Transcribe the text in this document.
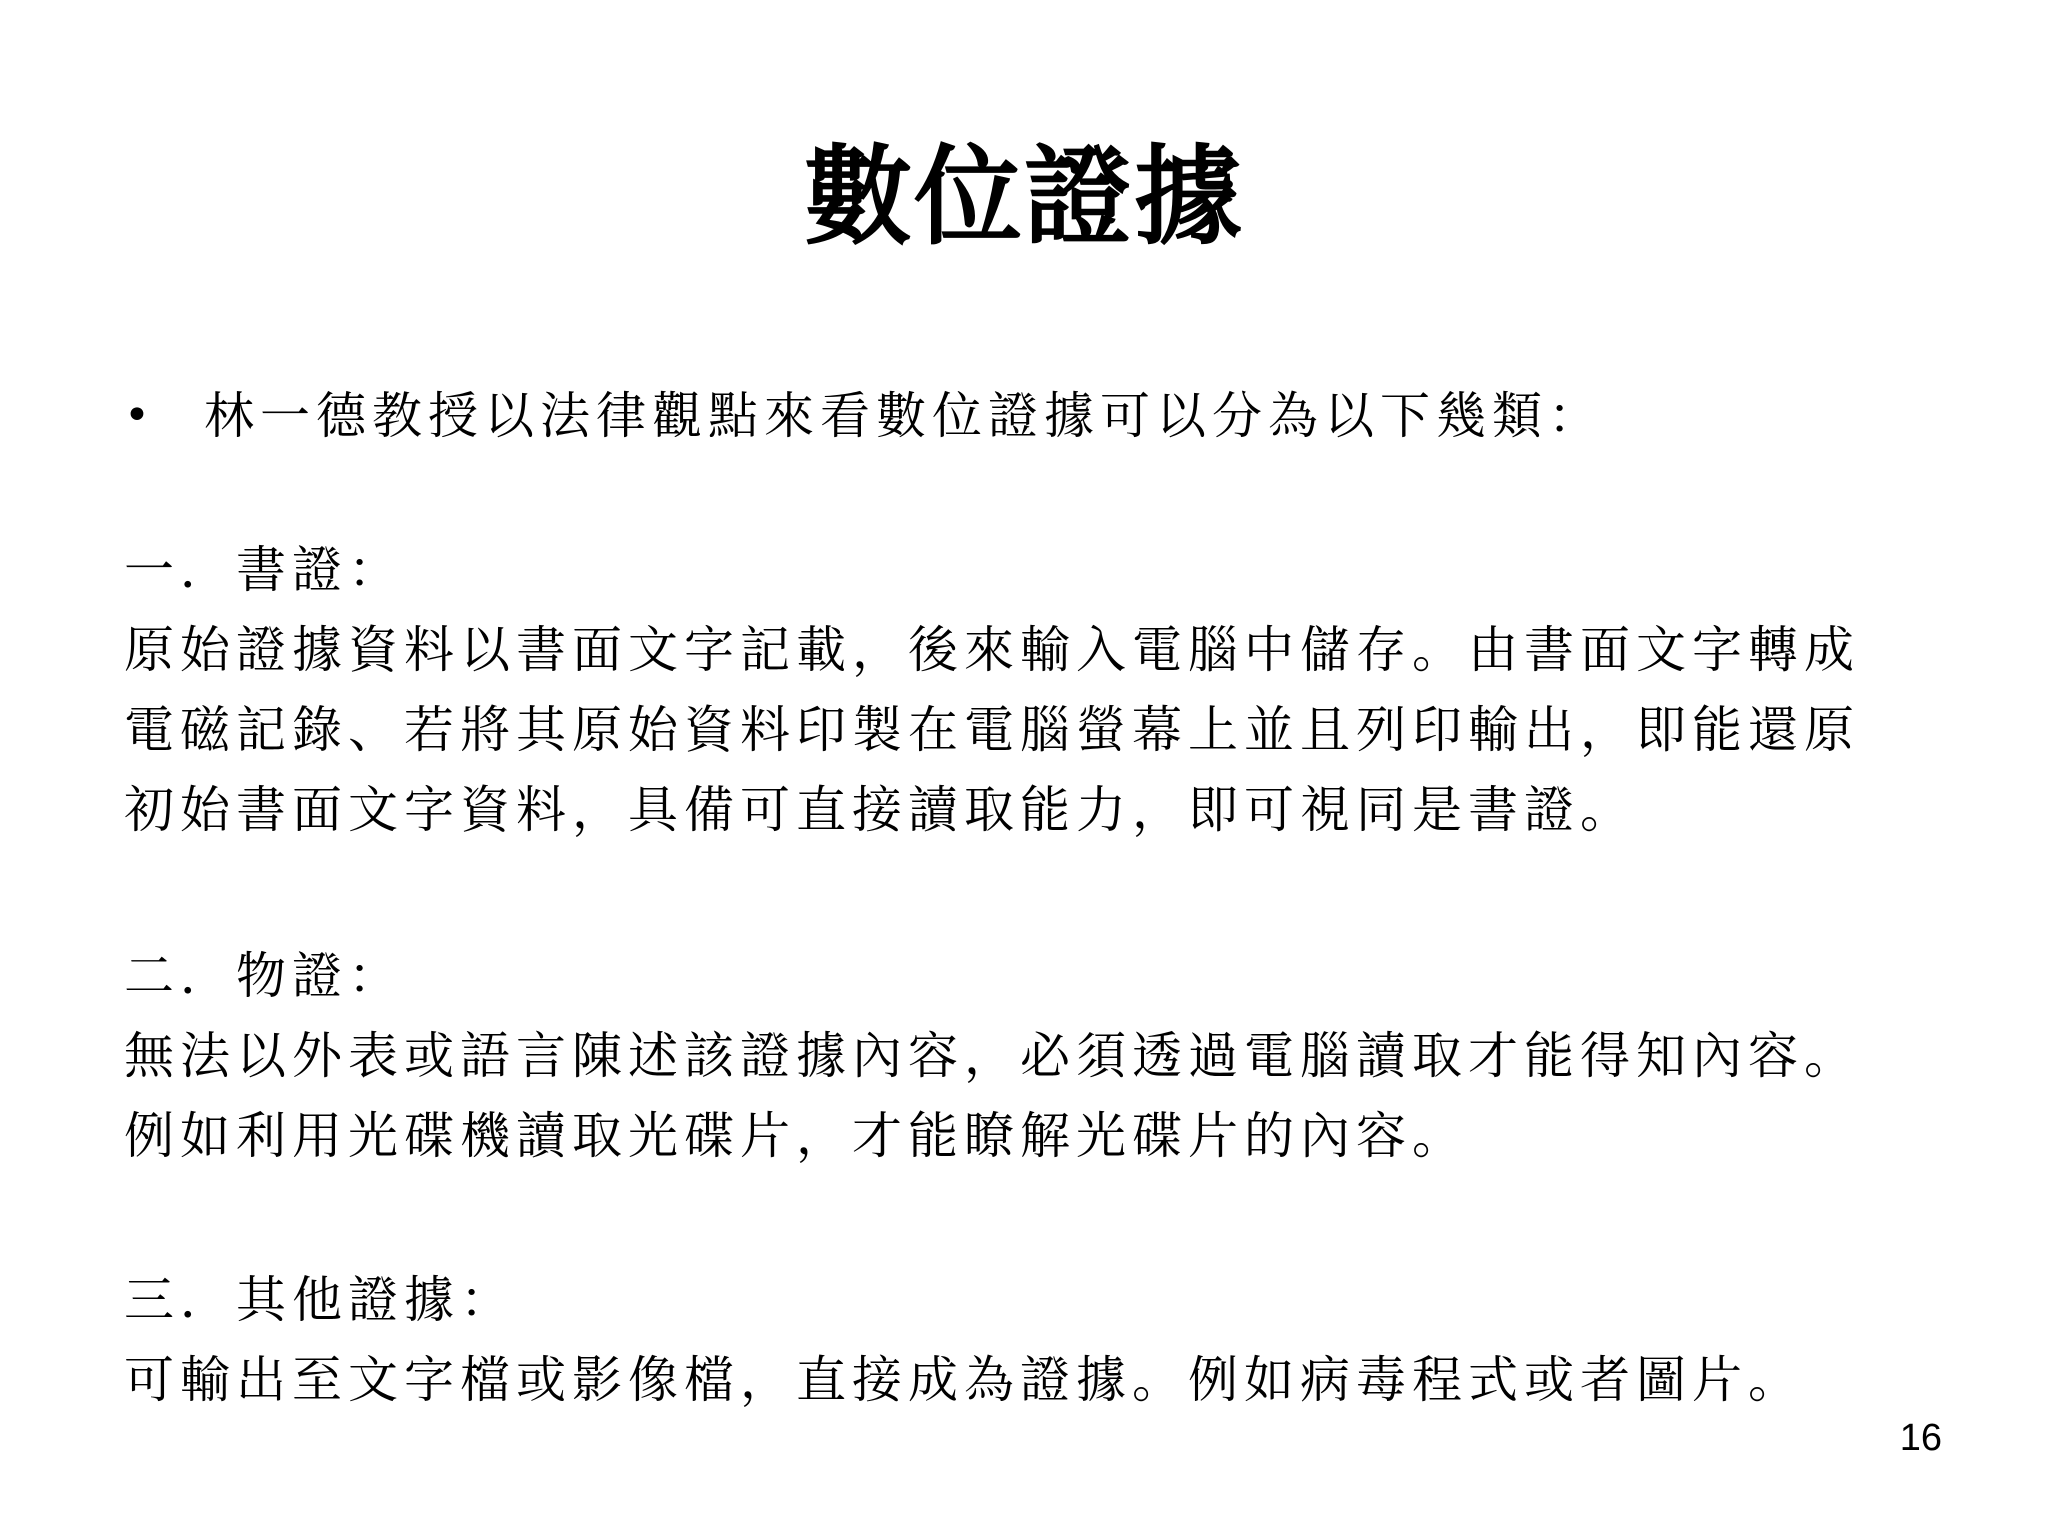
數位證據
• 林一德教授以法律觀點來看數位證據可以分為以下幾類：
一．書證：
原始證據資料以書面文字記載，後來輸入電腦中儲存。由書面文字轉成
電磁記錄、若將其原始資料印製在電腦螢幕上並且列印輸出，即能還原
初始書面文字資料，具備可直接讀取能力，即可視同是書證。
二．物證：
無法以外表或語言陳述該證據內容，必須透過電腦讀取才能得知內容。
例如利用光碟機讀取光碟片，才能瞭解光碟片的內容。
三．其他證據：
可輸出至文字檔或影像檔，直接成為證據。例如病毒程式或者圖片。
16
